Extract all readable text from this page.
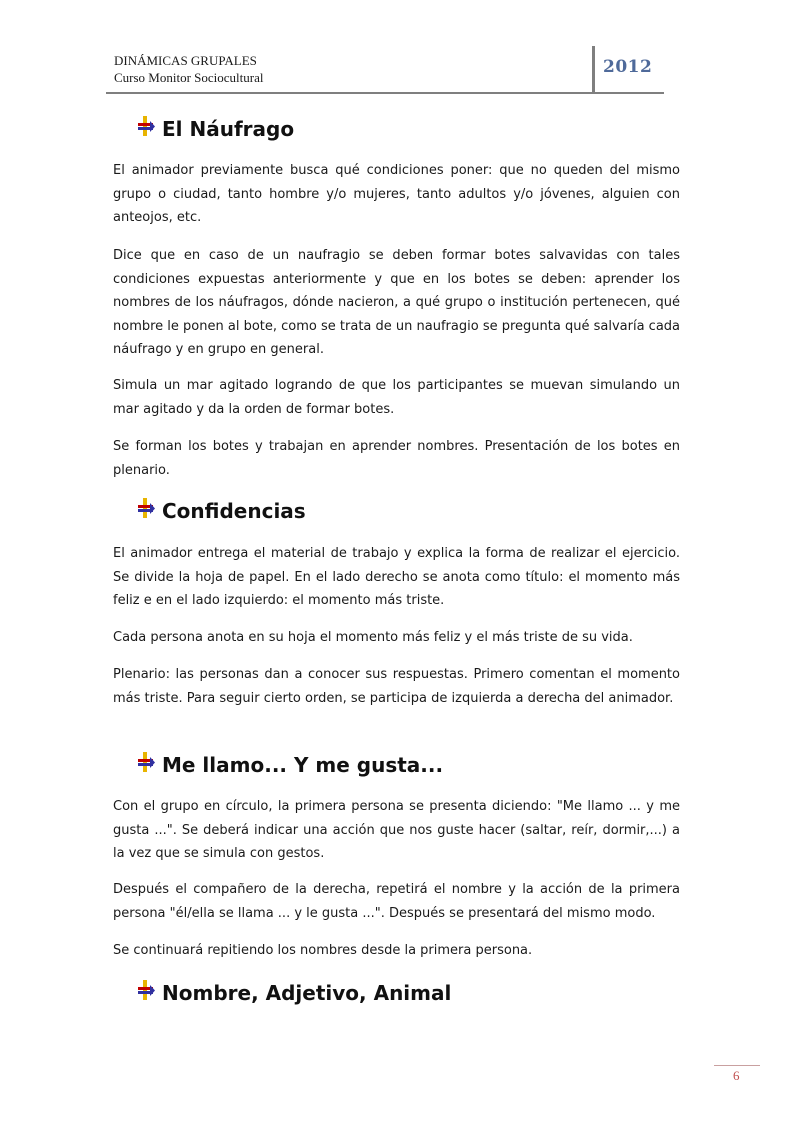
DINÁMICAS GRUPALES
Curso Monitor Sociocultural
2012
El Náufrago
El animador previamente busca qué condiciones poner: que no queden del mismo grupo o ciudad, tanto hombre y/o mujeres, tanto adultos y/o jóvenes, alguien con anteojos, etc.
Dice que en caso de un naufragio se deben formar botes salvavidas con tales condiciones expuestas anteriormente y que en los botes se deben: aprender los nombres de los náufragos, dónde nacieron, a qué grupo o institución pertenecen, qué nombre le ponen al bote, como se trata de un naufragio se pregunta qué salvaría cada náufrago y en grupo en general.
Simula un mar agitado logrando de que los participantes se muevan simulando un mar agitado y da la orden de formar botes.
Se forman los botes y trabajan en aprender nombres. Presentación de los botes en plenario.
Confidencias
El animador entrega el material de trabajo y explica la forma de realizar el ejercicio. Se divide la hoja de papel. En el lado derecho se anota como título: el momento más feliz e en el lado izquierdo: el momento más triste.
Cada persona anota en su hoja el momento más feliz y el más triste de su vida.
Plenario: las personas dan a conocer sus respuestas. Primero comentan el momento más triste. Para seguir cierto orden, se participa de izquierda a derecha del animador.
Me llamo... Y me gusta...
Con el grupo en círculo, la primera persona se presenta diciendo: "Me llamo ... y me gusta ...". Se deberá indicar una acción que nos guste hacer (saltar, reír, dormir,...) a la vez que se simula con gestos.
Después el compañero de la derecha, repetirá el nombre y la acción de la primera persona "él/ella se llama ... y le gusta ...". Después se presentará del mismo modo.
Se continuará repitiendo los nombres desde la primera persona.
Nombre, Adjetivo, Animal
6
